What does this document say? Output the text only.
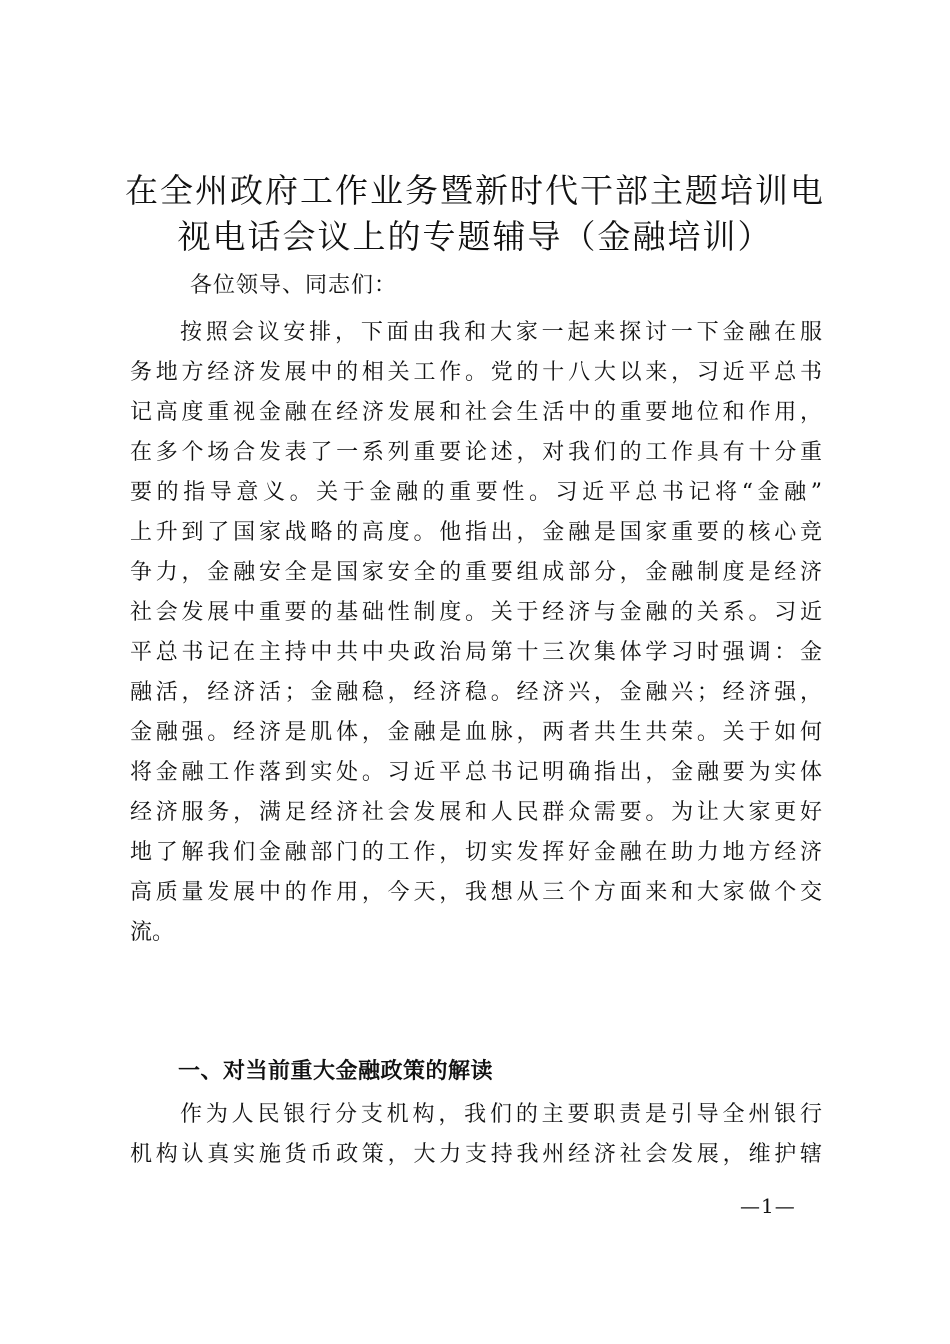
在全州政府工作业务暨新时代干部主题培训电
视电话会议上的专题辅导（金融培训）
各位领导、同志们：
按照会议安排，下面由我和大家一起来探讨一下金融在服
务地方经济发展中的相关工作。党的十八大以来，习近平总书
记高度重视金融在经济发展和社会生活中的重要地位和作用，
在多个场合发表了一系列重要论述，对我们的工作具有十分重
要的指导意义。关于金融的重要性。习近平总书记将“金融”
上升到了国家战略的高度。他指出，金融是国家重要的核心竞
争力，金融安全是国家安全的重要组成部分，金融制度是经济
社会发展中重要的基础性制度。关于经济与金融的关系。习近
平总书记在主持中共中央政治局第十三次集体学习时强调：金
融活，经济活；金融稳，经济稳。经济兴，金融兴；经济强，
金融强。经济是肌体，金融是血脉，两者共生共荣。关于如何
将金融工作落到实处。习近平总书记明确指出，金融要为实体
经济服务，满足经济社会发展和人民群众需要。为让大家更好
地了解我们金融部门的工作，切实发挥好金融在助力地方经济
高质量发展中的作用，今天，我想从三个方面来和大家做个交
流。
一、对当前重大金融政策的解读
作为人民银行分支机构，我们的主要职责是引导全州银行
机构认真实施货币政策，大力支持我州经济社会发展，维护辖
—1—
